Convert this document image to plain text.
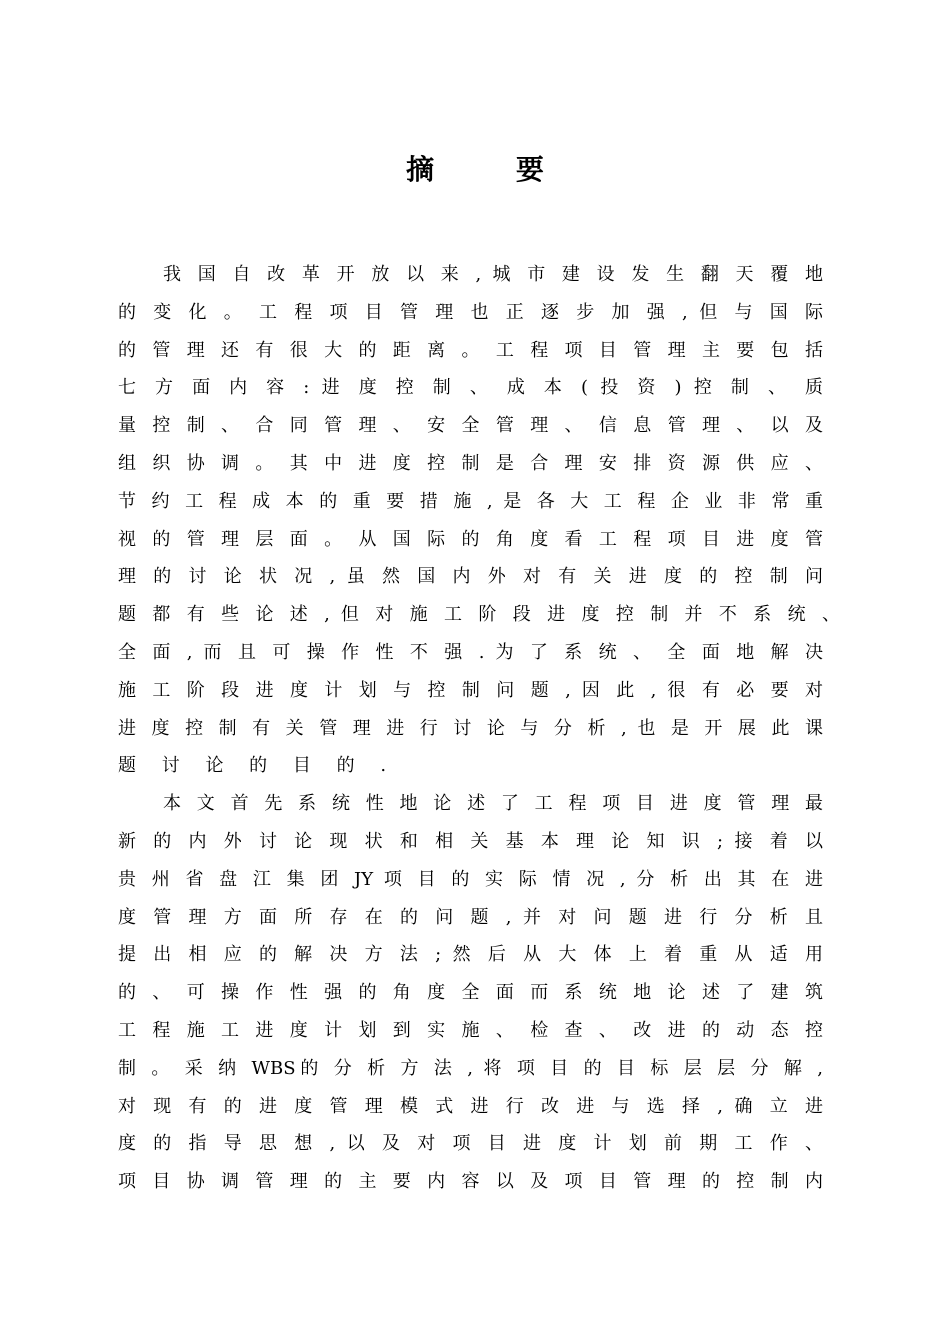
摘 要
我 国 自 改 革 开 放 以 来 , 城 市 建 设 发 生 翻 天 覆 地
的 变 化 。 工 程 项 目 管 理 也 正 逐 步 加 强 , 但 与 国 际
的 管 理 还 有 很 大 的 距 离 。 工 程 项 目 管 理 主 要 包 括
七 方 面 内 容 : 进 度 控 制 、 成 本 ( 投 资 ) 控 制 、 质
量 控 制 、 合 同 管 理 、 安 全 管 理 、 信 息 管 理 、 以 及
组 织 协 调 。 其 中 进 度 控 制 是 合 理 安 排 资 源 供 应 、
节 约 工 程 成 本 的 重 要 措 施 , 是 各 大 工 程 企 业 非 常 重
视 的 管 理 层 面 。 从 国 际 的 角 度 看 工 程 项 目 进 度 管
理 的 讨 论 状 况 , 虽 然 国 内 外 对 有 关 进 度 的 控 制 问
题 都 有 些 论 述 , 但 对 施 工 阶 段 进 度 控 制 并 不 系 统 、
全 面 , 而 且 可 操 作 性 不 强 . 为 了 系 统 、 全 面 地 解 决
施 工 阶 段 进 度 计 划 与 控 制 问 题 , 因 此 , 很 有 必 要 对
进 度 控 制 有 关 管 理 进 行 讨 论 与 分 析 , 也 是 开 展 此 课
题 讨 论 的 目 的 .
本 文 首 先 系 统 性 地 论 述 了 工 程 项 目 进 度 管 理 最
新 的 内 外 讨 论 现 状 和 相 关 基 本 理 论 知 识 ; 接 着 以
贵 州 省 盘 江 集 团 JY 项 目 的 实 际 情 况 , 分 析 出 其 在 进
度 管 理 方 面 所 存 在 的 问 题 , 并 对 问 题 进 行 分 析 且
提 出 相 应 的 解 决 方 法 ; 然 后 从 大 体 上 着 重 从 适 用
的 、 可 操 作 性 强 的 角 度 全 面 而 系 统 地 论 述 了 建 筑
工 程 施 工 进 度 计 划 到 实 施 、 检 查 、 改 进 的 动 态 控
制 。 采 纳 WBS的 分 析 方 法 , 将 项 目 的 目 标 层 层 分 解 ,
对 现 有 的 进 度 管 理 模 式 进 行 改 进 与 选 择 , 确 立 进
度 的 指 导 思 想 , 以 及 对 项 目 进 度 计 划 前 期 工 作 、
项 目 协 调 管 理 的 主 要 内 容 以 及 项 目 管 理 的 控 制 内
